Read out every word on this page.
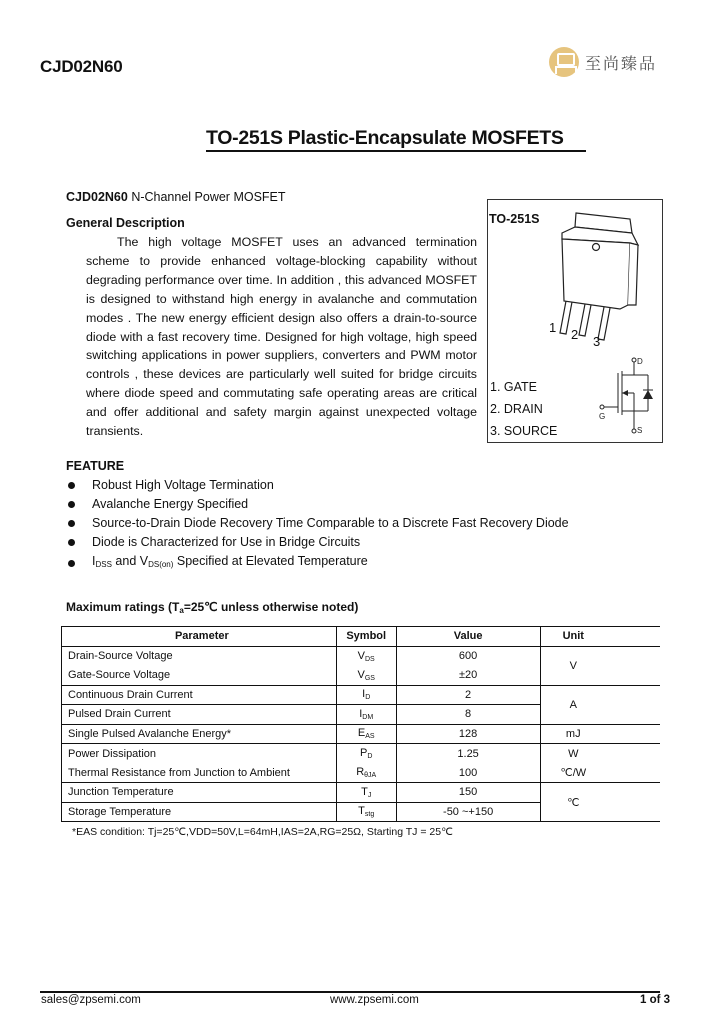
CJD02N60	至尚臻品
TO-251S Plastic-Encapsulate MOSFETS
CJD02N60 N-Channel Power MOSFET
General Description
The high voltage MOSFET uses an advanced termination scheme to provide enhanced voltage-blocking capability without degrading performance over time. In addition , this advanced MOSFET is designed to withstand high energy in avalanche and commutation modes . The new energy efficient design also offers a drain-to-source diode with a fast recovery time. Designed for high voltage, high speed switching applications in power suppliers, converters and PWM motor controls , these devices are particularly well suited for bridge circuits where diode speed and commutating safe operating areas are critical and offer additional and safety margin against unexpected voltage transients.
TO-251S
1 2 3
1. GATE
2. DRAIN
3. SOURCE
D
G
S
FEATURE
Robust High Voltage Termination
Avalanche Energy Specified
Source-to-Drain Diode Recovery Time Comparable to a Discrete Fast Recovery Diode
Diode is Characterized for Use in Bridge Circuits
$I_{DSS}$ and $V_{DS(on)}$ Specified at Elevated Temperature
Maximum ratings ($T_a=25℃$ unless otherwise noted)
Parameter	Symbol	Value	Unit
Drain-Source Voltage	$V_{DS}$	600	V
Gate-Source Voltage	$V_{GS}$	±20	
Continuous Drain Current	$I_D$	2	A
Pulsed Drain Current	$I_{DM}$	8	
Single Pulsed Avalanche Energy*	$E_{AS}$	128	mJ
Power Dissipation	$P_D$	1.25	W
Thermal Resistance from Junction to Ambient	$R_{\theta JA}$	100	℃/W
Junction Temperature	$T_J$	150	℃
Storage Temperature	$T_{stg}$	-50 ~+150	
*EAS condition: Tj=25℃,VDD=50V,L=64mH,IAS=2A,RG=25Ω, Starting TJ = 25℃
sales@zpsemi.com	www.zpsemi.com	1 of 3
